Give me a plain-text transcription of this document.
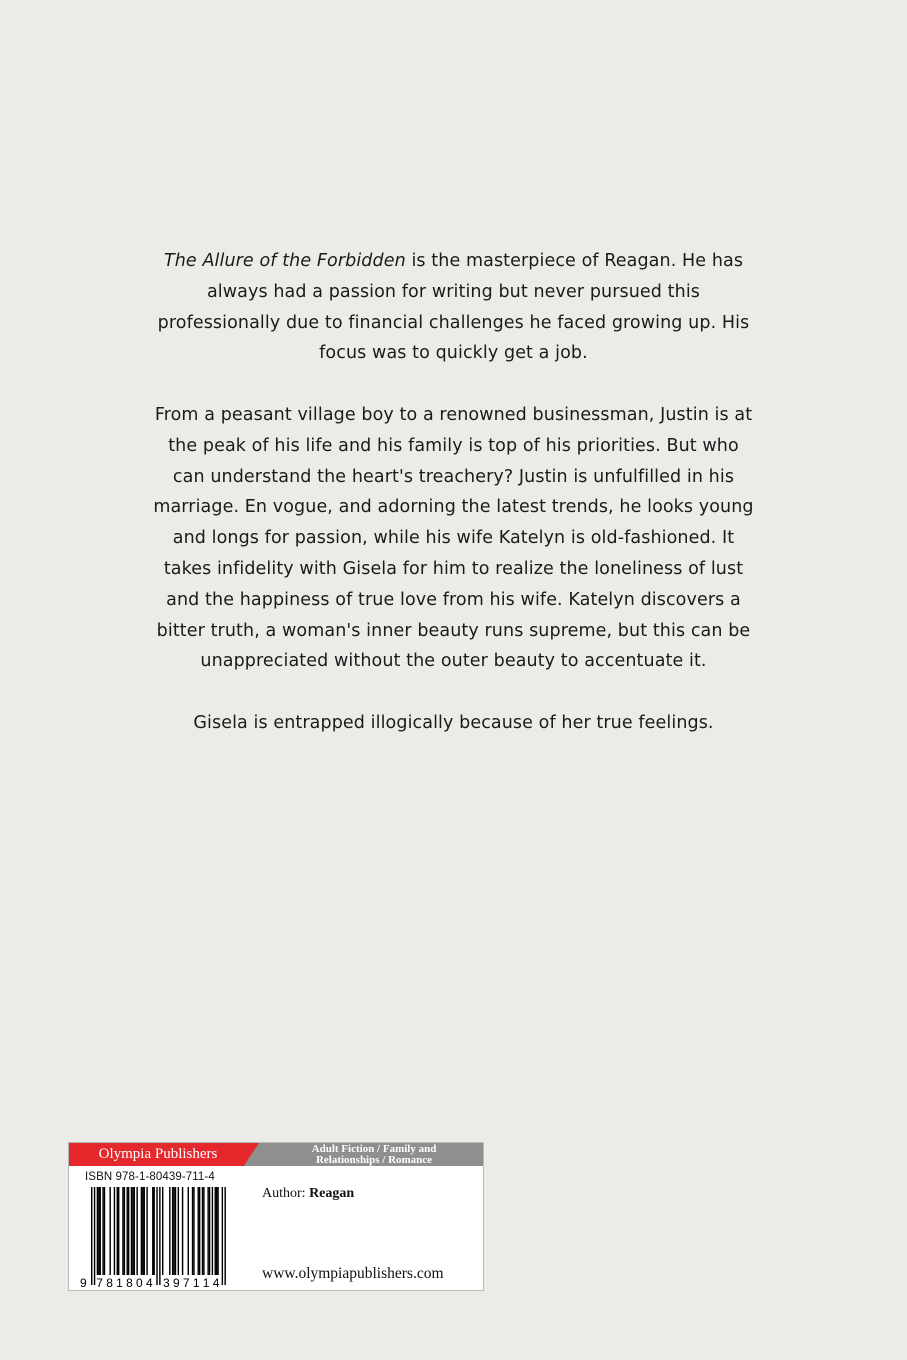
The Allure of the Forbidden is the masterpiece of Reagan. He has always had a passion for writing but never pursued this professionally due to financial challenges he faced growing up. His focus was to quickly get a job.

From a peasant village boy to a renowned businessman, Justin is at the peak of his life and his family is top of his priorities. But who can understand the heart's treachery? Justin is unfulfilled in his marriage. En vogue, and adorning the latest trends, he looks young and longs for passion, while his wife Katelyn is old-fashioned. It takes infidelity with Gisela for him to realize the loneliness of lust and the happiness of true love from his wife. Katelyn discovers a bitter truth, a woman's inner beauty runs supreme, but this can be unappreciated without the outer beauty to accentuate it.

Gisela is entrapped illogically because of her true feelings.

Olympia Publishers	Adult Fiction / Family and
Relationships / Romance
ISBN 978-1-80439-711-4
9 7 8 1 8 0 4 3 9 7 1 1 4
Author: Reagan
www.olympiapublishers.com
